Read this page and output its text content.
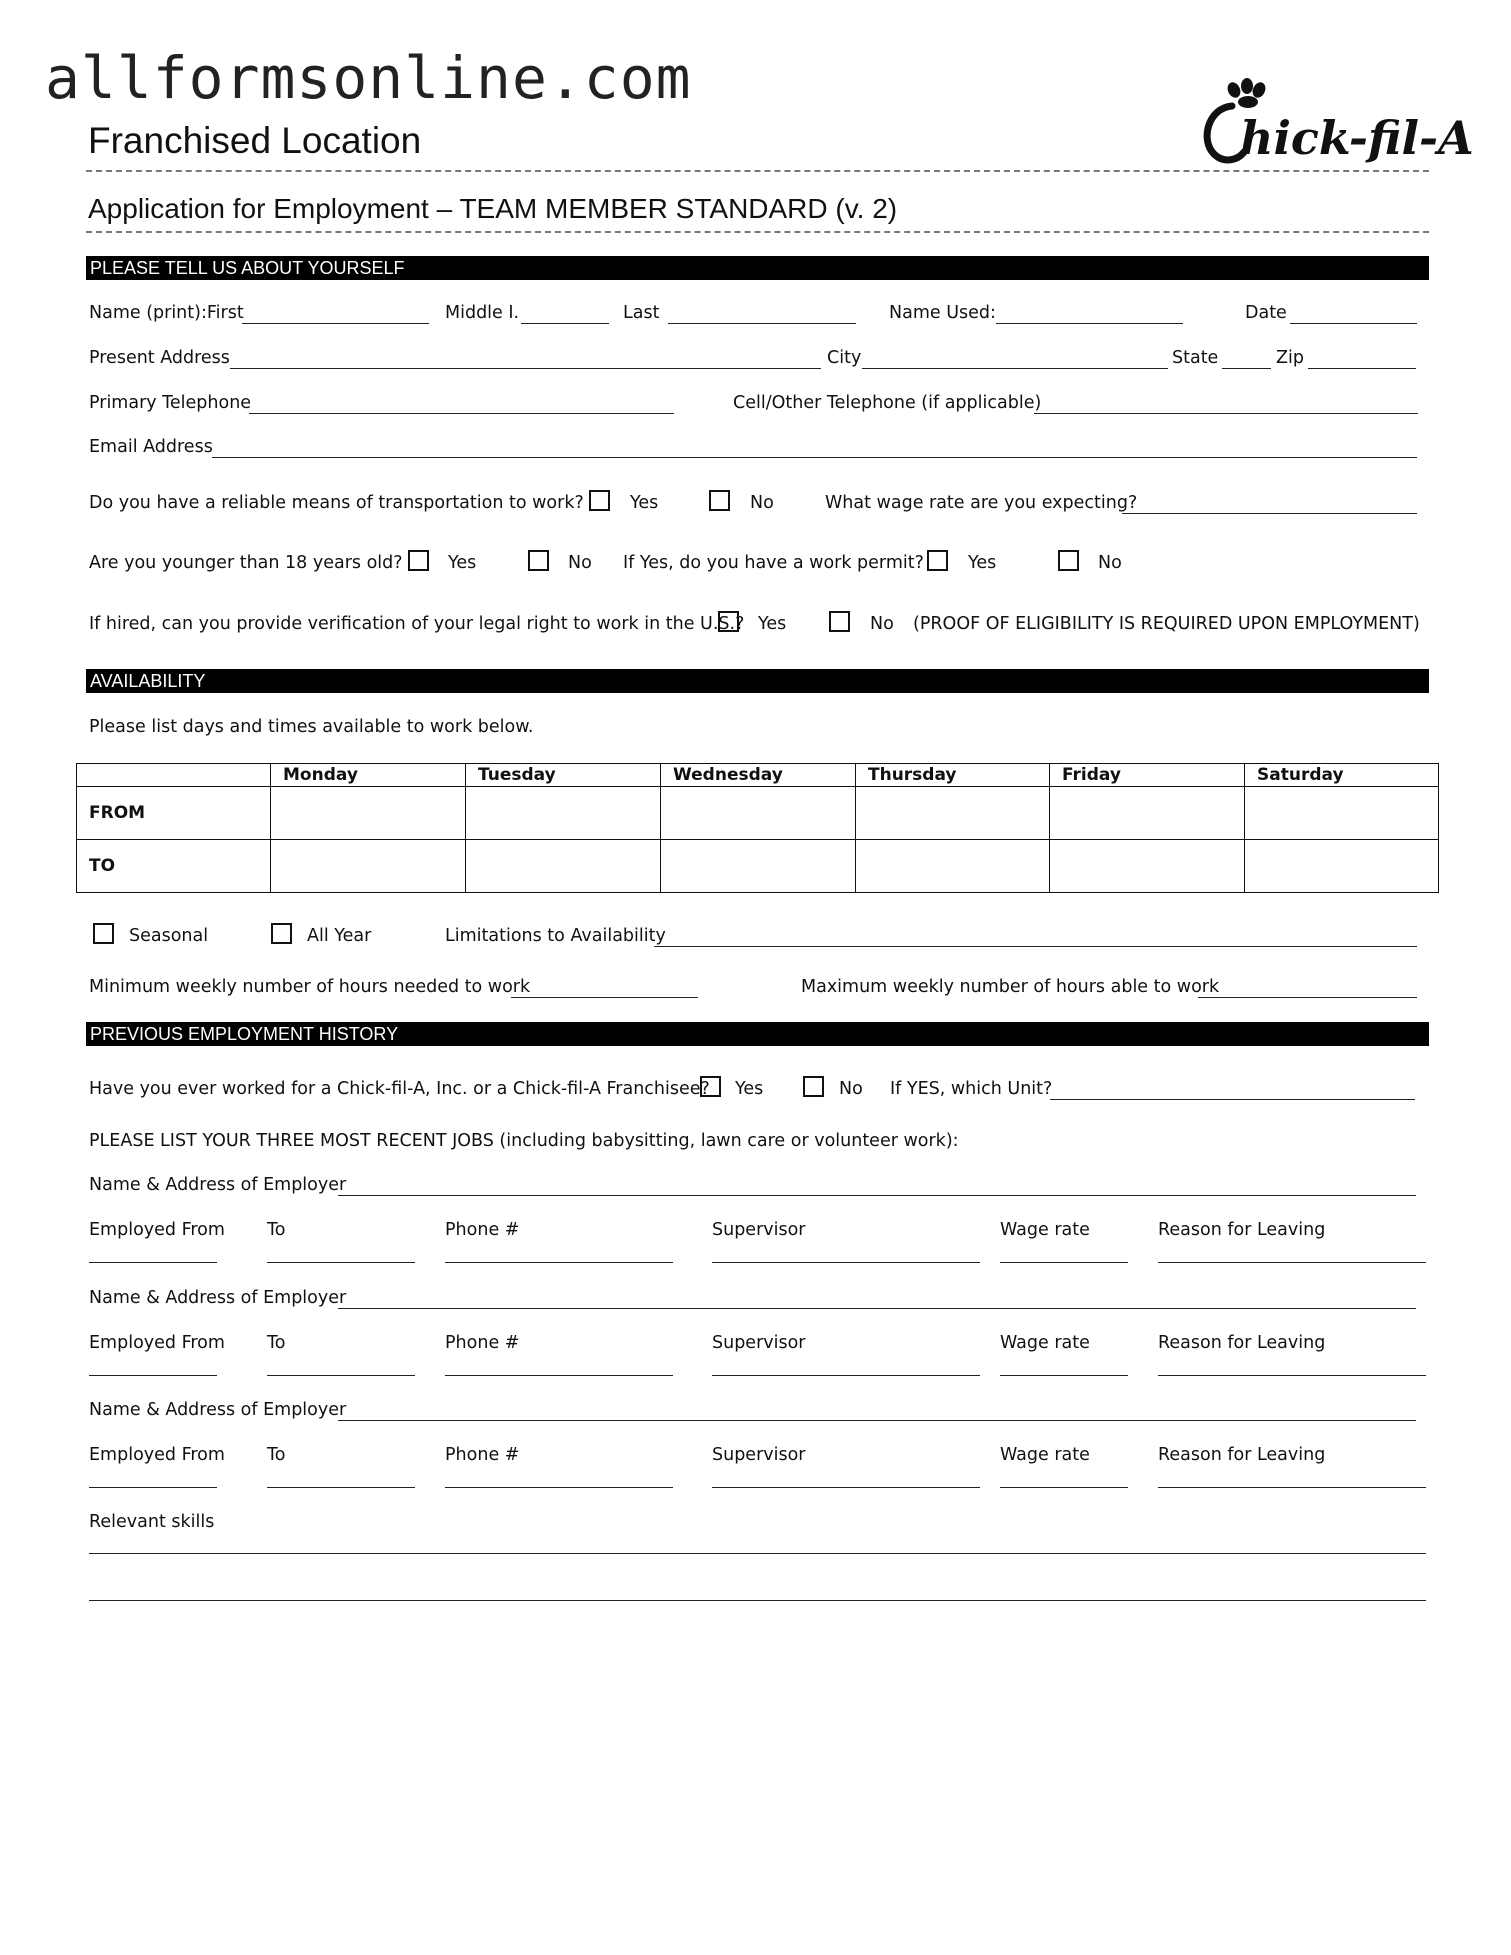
allformsonline.com
Franchised Location	hick-fil-A
Application for Employment – TEAM MEMBER STANDARD (v. 2)
PLEASE TELL US ABOUT YOURSELF
Name (print):First	Middle I.	Last	Name Used:	Date
Present Address	City	State	Zip
Primary Telephone	Cell/Other Telephone (if applicable)
Email Address
Do you have a reliable means of transportation to work?	Yes	No	What wage rate are you expecting?
Are you younger than 18 years old?	Yes	No If Yes, do you have a work permit?	Yes	No
If hired, can you provide verification of your legal right to work in the U.S.? Yes	No (PROOF OF ELIGIBILITY IS REQUIRED UPON EMPLOYMENT)
AVAILABILITY
Please list days and times available to work below.
	Monday	Tuesday	Wednesday	Thursday	Friday	Saturday
FROM						
TO						
Seasonal	All Year	Limitations to Availability
Minimum weekly number of hours needed to work	Maximum weekly number of hours able to work
PREVIOUS EMPLOYMENT HISTORY
Have you ever worked for a Chick-fil-A, Inc. or a Chick-fil-A Franchisee? Yes	No If YES, which Unit?
PLEASE LIST YOUR THREE MOST RECENT JOBS (including babysitting, lawn care or volunteer work):
Name & Address of Employer
Employed From To	Phone #	Supervisor	Wage rate	Reason for Leaving
Name & Address of Employer
Employed From To	Phone #	Supervisor	Wage rate	Reason for Leaving
Name & Address of Employer
Employed From To	Phone #	Supervisor	Wage rate	Reason for Leaving
Relevant skills
